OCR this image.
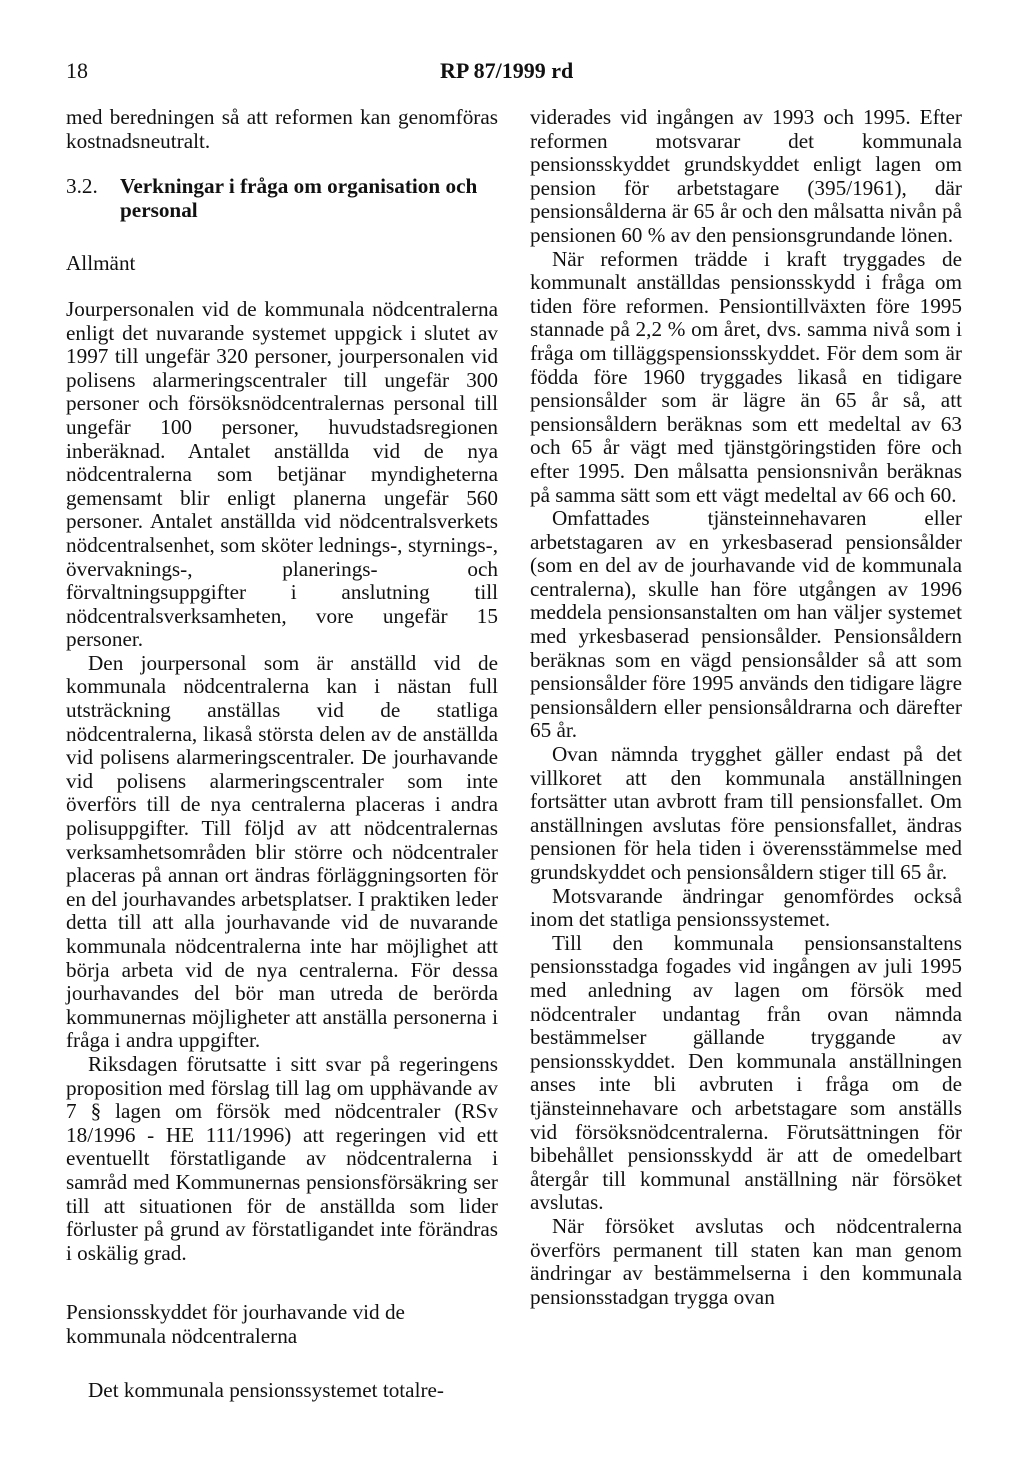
18	RP 87/1999 rd

med beredningen så att reformen kan genomföras kostnadsneutralt.

3.2.	Verkningar i fråga om organisation och personal
Allmänt

Jourpersonalen vid de kommunala nödcentralerna enligt det nuvarande systemet uppgick i slutet av 1997 till ungefär 320 personer, jourpersonalen vid polisens alarmeringscentraler till ungefär 300 personer och försöksnödcentralernas personal till ungefär 100 personer, huvudstadsregionen inberäknad. Antalet anställda vid de nya nödcentralerna som betjänar myndigheterna gemensamt blir enligt planerna ungefär 560 personer. Antalet anställda vid nödcentralsverkets nödcentralsenhet, som sköter lednings-, styrnings-, övervaknings-, planerings- och förvaltningsuppgifter i anslutning till nödcentralsverksamheten, vore ungefär 15 personer.

Den jourpersonal som är anställd vid de kommunala nödcentralerna kan i nästan full utsträckning anställas vid de statliga nödcentralerna, likaså största delen av de anställda vid polisens alarmeringscentraler. De jourhavande vid polisens alarmeringscentraler som inte överförs till de nya centralerna placeras i andra polisuppgifter. Till följd av att nödcentralernas verksamhetsområden blir större och nödcentraler placeras på annan ort ändras förläggningsorten för en del jourhavandes arbetsplatser. I praktiken leder detta till att alla jourhavande vid de nuvarande kommunala nödcentralerna inte har möjlighet att börja arbeta vid de nya centralerna. För dessa jourhavandes del bör man utreda de berörda kommunernas möjligheter att anställa personerna i fråga i andra uppgifter.

Riksdagen förutsatte i sitt svar på regeringens proposition med förslag till lag om upphävande av 7 § lagen om försök med nödcentraler (RSv 18/1996 - HE 111/1996) att regeringen vid ett eventuellt förstatligande av nödcentralerna i samråd med Kommunernas pensionsförsäkring ser till att situationen för de anställda som lider förluster på grund av förstatligandet inte förändras i oskälig grad.

Pensionsskyddet för jourhavande vid de kommunala nödcentralerna

Det kommunala pensionssystemet totalre-

viderades vid ingången av 1993 och 1995. Efter reformen motsvarar det kommunala pensionsskyddet grundskyddet enligt lagen om pension för arbetstagare (395/1961), där pensionsålderna är 65 år och den målsatta nivån på pensionen 60 % av den pensionsgrundande lönen.

När reformen trädde i kraft tryggades de kommunalt anställdas pensionsskydd i fråga om tiden före reformen. Pensiontillväxten före 1995 stannade på 2,2 % om året, dvs. samma nivå som i fråga om tilläggspensionsskyddet. För dem som är födda före 1960 tryggades likaså en tidigare pensionsålder som är lägre än 65 år så, att pensionsåldern beräknas som ett medeltal av 63 och 65 år vägt med tjänstgöringstiden före och efter 1995. Den målsatta pensionsnivån beräknas på samma sätt som ett vägt medeltal av 66 och 60.

Omfattades tjänsteinnehavaren eller arbetstagaren av en yrkesbaserad pensionsålder (som en del av de jourhavande vid de kommunala centralerna), skulle han före utgången av 1996 meddela pensionsanstalten om han väljer systemet med yrkesbaserad pensionsålder. Pensionsåldern beräknas som en vägd pensionsålder så att som pensionsålder före 1995 används den tidigare lägre pensionsåldern eller pensionsåldrarna och därefter 65 år.

Ovan nämnda trygghet gäller endast på det villkoret att den kommunala anställningen fortsätter utan avbrott fram till pensionsfallet. Om anställningen avslutas före pensionsfallet, ändras pensionen för hela tiden i överensstämmelse med grundskyddet och pensionsåldern stiger till 65 år.

Motsvarande ändringar genomfördes också inom det statliga pensionssystemet.

Till den kommunala pensionsanstaltens pensionsstadga fogades vid ingången av juli 1995 med anledning av lagen om försök med nödcentraler undantag från ovan nämnda bestämmelser gällande tryggande av pensionsskyddet. Den kommunala anställningen anses inte bli avbruten i fråga om de tjänsteinnehavare och arbetstagare som anställs vid försöksnödcentralerna. Förutsättningen för bibehållet pensionsskydd är att de omedelbart återgår till kommunal anställning när försöket avslutas.

När försöket avslutas och nödcentralerna överförs permanent till staten kan man genom ändringar av bestämmelserna i den kommunala pensionsstadgan trygga ovan
